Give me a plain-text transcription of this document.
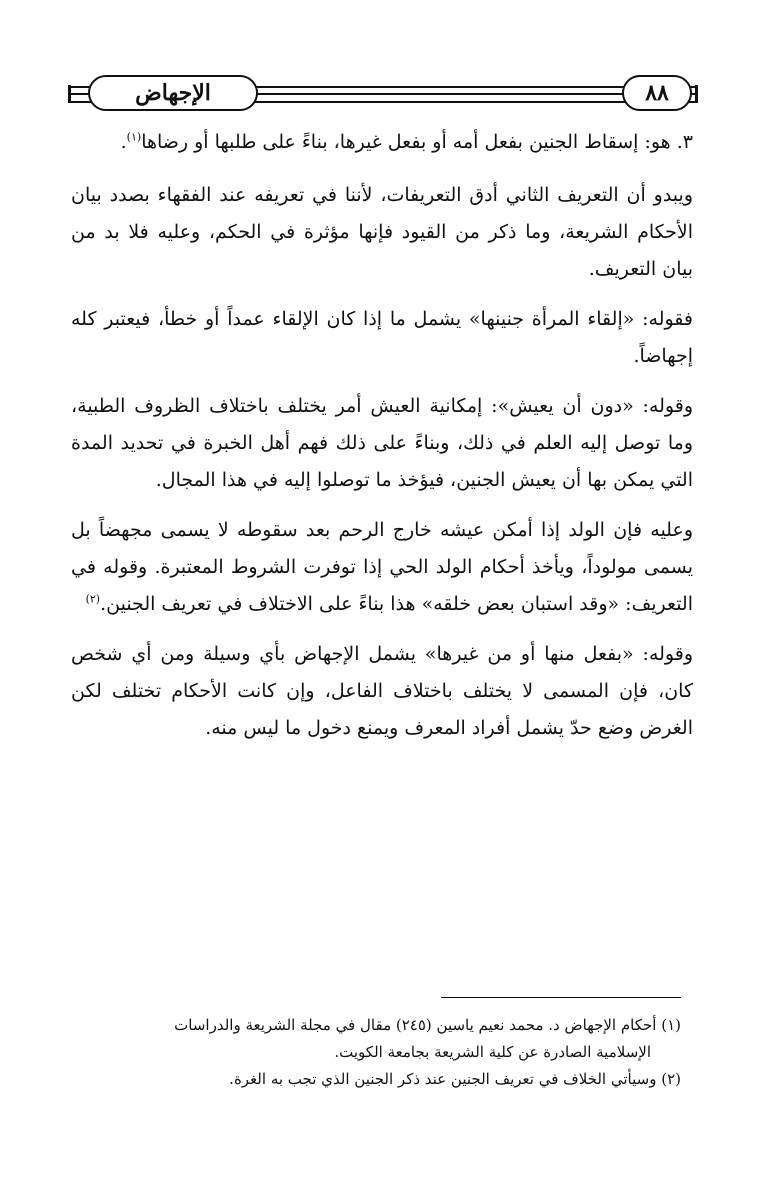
الإجهاض	٨٨

٣. هو: إسقاط الجنين بفعل أمه أو بفعل غيرها، بناءً على طلبها أو رضاها$^{(١)}$.

ويبدو أن التعريف الثاني أدق التعريفات، لأننا في تعريفه عند الفقهاء بصدد بيان الأحكام الشريعة، وما ذكر من القيود فإنها مؤثرة في الحكم، وعليه فلا بد من بيان التعريف.

فقوله: «إلقاء المرأة جنينها» يشمل ما إذا كان الإلقاء عمداً أو خطأ، فيعتبر كله إجهاضاً.

وقوله: «دون أن يعيش»: إمكانية العيش أمر يختلف باختلاف الظروف الطبية، وما توصل إليه العلم في ذلك، وبناءً على ذلك فهم أهل الخبرة في تحديد المدة التي يمكن بها أن يعيش الجنين، فيؤخذ ما توصلوا إليه في هذا المجال.

وعليه فإن الولد إذا أمكن عيشه خارج الرحم بعد سقوطه لا يسمى مجهضاً بل يسمى مولوداً، ويأخذ أحكام الولد الحي إذا توفرت الشروط المعتبرة. وقوله في التعريف: «وقد استبان بعض خلقه» هذا بناءً على الاختلاف في تعريف الجنين.$^{(٢)}$

وقوله: «بفعل منها أو من غيرها» يشمل الإجهاض بأي وسيلة ومن أي شخص كان، فإن المسمى لا يختلف باختلاف الفاعل، وإن كانت الأحكام تختلف لكن الغرض وضع حدّ يشمل أفراد المعرف ويمنع دخول ما ليس منه.

(١) أحكام الإجهاض د. محمد نعيم ياسين (٢٤٥) مقال في مجلة الشريعة والدراسات

الإسلامية الصادرة عن كلية الشريعة بجامعة الكويت.

(٢) وسيأتي الخلاف في تعريف الجنين عند ذكر الجنين الذي تجب به الغرة.
